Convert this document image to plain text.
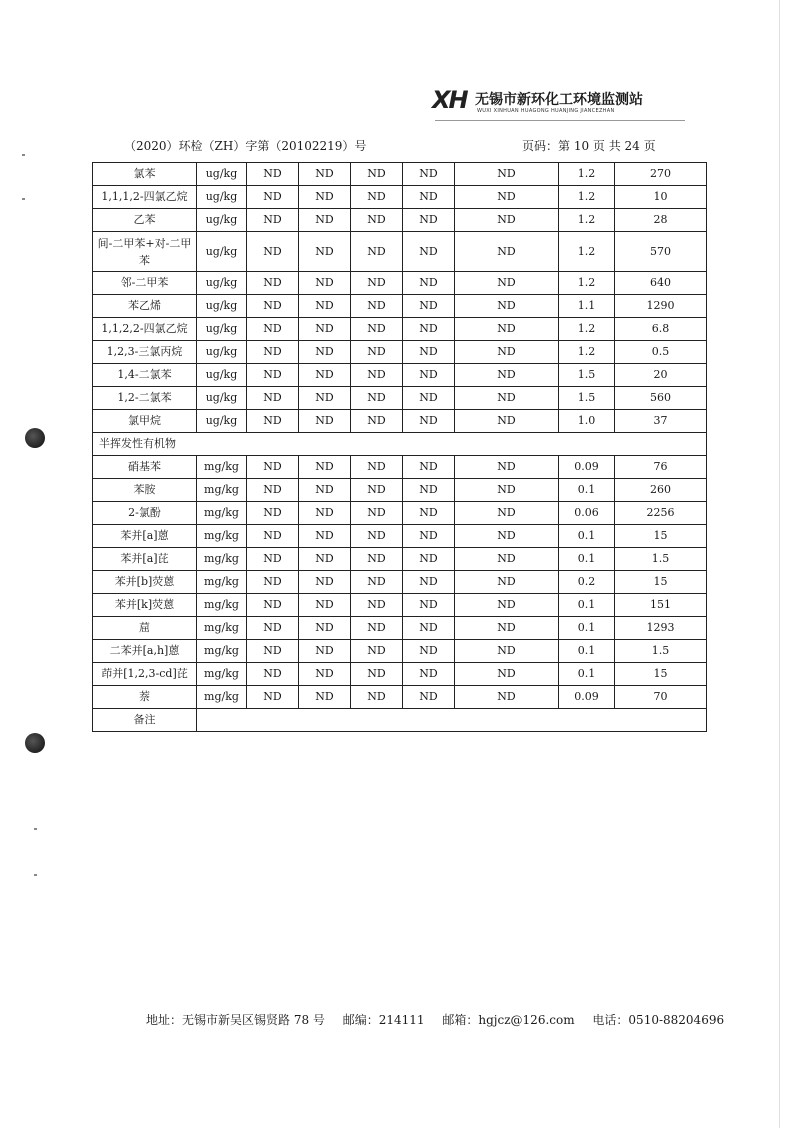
XH 无锡市新环化工环境监测站
WUXI XINHUAN HUAGONG HUANJING JIANCEZHAN
（2020）环检（ZH）字第（20102219）号	页码：第 10 页 共 24 页
氯苯	ug/kg	ND	ND	ND	ND	ND	1.2	270
1,1,1,2-四氯乙烷	ug/kg	ND	ND	ND	ND	ND	1.2	10
乙苯	ug/kg	ND	ND	ND	ND	ND	1.2	28
间-二甲苯+对-二甲苯	ug/kg	ND	ND	ND	ND	ND	1.2	570
邻-二甲苯	ug/kg	ND	ND	ND	ND	ND	1.2	640
苯乙烯	ug/kg	ND	ND	ND	ND	ND	1.1	1290
1,1,2,2-四氯乙烷	ug/kg	ND	ND	ND	ND	ND	1.2	6.8
1,2,3-三氯丙烷	ug/kg	ND	ND	ND	ND	ND	1.2	0.5
1,4-二氯苯	ug/kg	ND	ND	ND	ND	ND	1.5	20
1,2-二氯苯	ug/kg	ND	ND	ND	ND	ND	1.5	560
氯甲烷	ug/kg	ND	ND	ND	ND	ND	1.0	37
半挥发性有机物								
硝基苯	mg/kg	ND	ND	ND	ND	ND	0.09	76
苯胺	mg/kg	ND	ND	ND	ND	ND	0.1	260
2-氯酚	mg/kg	ND	ND	ND	ND	ND	0.06	2256
苯并[a]蒽	mg/kg	ND	ND	ND	ND	ND	0.1	15
苯并[a]芘	mg/kg	ND	ND	ND	ND	ND	0.1	1.5
苯并[b]荧蒽	mg/kg	ND	ND	ND	ND	ND	0.2	15
苯并[k]荧蒽	mg/kg	ND	ND	ND	ND	ND	0.1	151
䓛	mg/kg	ND	ND	ND	ND	ND	0.1	1293
二苯并[a,h]蒽	mg/kg	ND	ND	ND	ND	ND	0.1	1.5
茚并[1,2,3-cd]芘	mg/kg	ND	ND	ND	ND	ND	0.1	15
萘	mg/kg	ND	ND	ND	ND	ND	0.09	70
备注								
地址：无锡市新吴区锡贤路 78 号 邮编：214111 邮箱：hgjcz@126.com 电话：0510-88204696
